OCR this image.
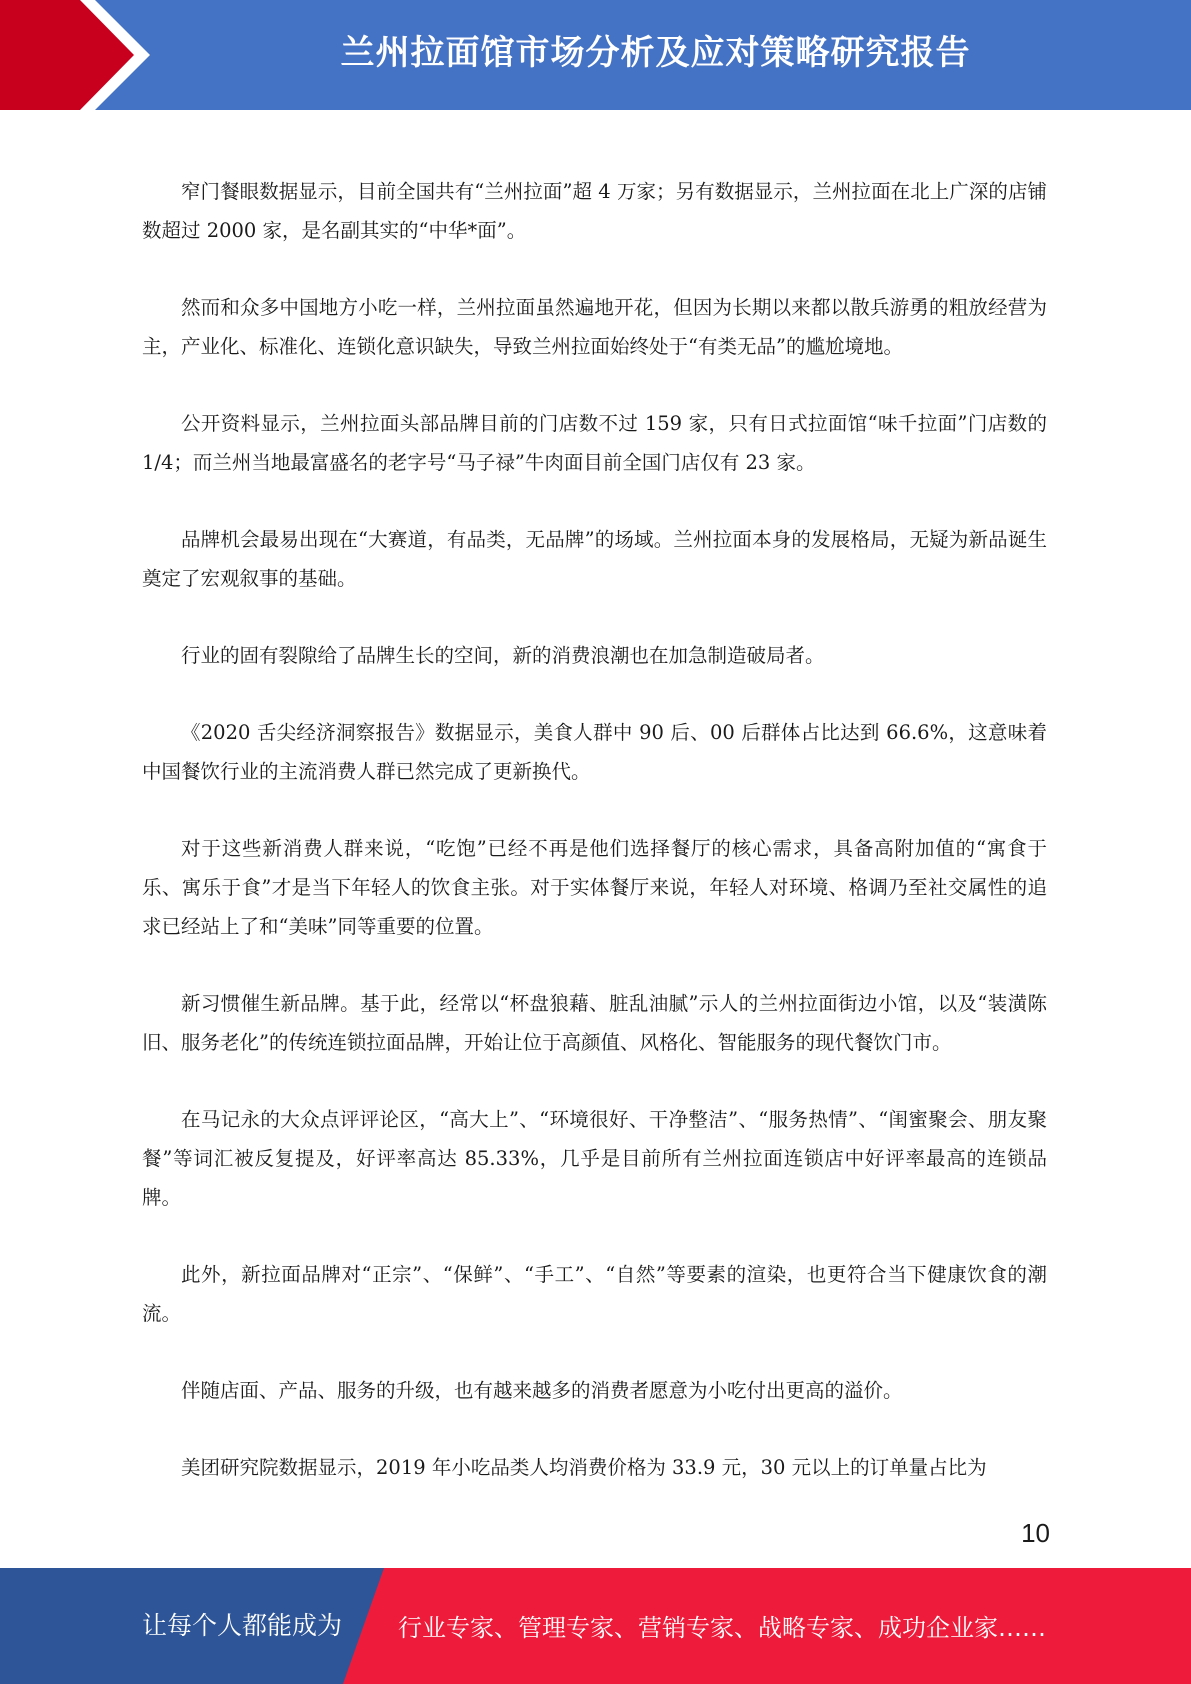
兰州拉面馆市场分析及应对策略研究报告

窄门餐眼数据显示，目前全国共有“兰州拉面”超 4 万家；另有数据显示，兰州拉面在北上广深的店铺数超过 2000 家，是名副其实的“中华*面”。

然而和众多中国地方小吃一样，兰州拉面虽然遍地开花，但因为长期以来都以散兵游勇的粗放经营为主，产业化、标准化、连锁化意识缺失，导致兰州拉面始终处于“有类无品”的尴尬境地。

公开资料显示，兰州拉面头部品牌目前的门店数不过 159 家，只有日式拉面馆“味千拉面”门店数的 1/4；而兰州当地最富盛名的老字号“马子禄”牛肉面目前全国门店仅有 23 家。

品牌机会最易出现在“大赛道，有品类，无品牌”的场域。兰州拉面本身的发展格局，无疑为新品诞生奠定了宏观叙事的基础。

行业的固有裂隙给了品牌生长的空间，新的消费浪潮也在加急制造破局者。

《2020 舌尖经济洞察报告》数据显示，美食人群中 90 后、00 后群体占比达到 66.6%，这意味着中国餐饮行业的主流消费人群已然完成了更新换代。

对于这些新消费人群来说，“吃饱”已经不再是他们选择餐厅的核心需求，具备高附加值的“寓食于乐、寓乐于食”才是当下年轻人的饮食主张。对于实体餐厅来说，年轻人对环境、格调乃至社交属性的追求已经站上了和“美味”同等重要的位置。

新习惯催生新品牌。基于此，经常以“杯盘狼藉、脏乱油腻”示人的兰州拉面街边小馆，以及“装潢陈旧、服务老化”的传统连锁拉面品牌，开始让位于高颜值、风格化、智能服务的现代餐饮门市。

在马记永的大众点评评论区，“高大上”、“环境很好、干净整洁”、“服务热情”、“闺蜜聚会、朋友聚餐”等词汇被反复提及，好评率高达 85.33%，几乎是目前所有兰州拉面连锁店中好评率最高的连锁品牌。

此外，新拉面品牌对“正宗”、“保鲜”、“手工”、“自然”等要素的渲染，也更符合当下健康饮食的潮流。

伴随店面、产品、服务的升级，也有越来越多的消费者愿意为小吃付出更高的溢价。

美团研究院数据显示，2019 年小吃品类人均消费价格为 33.9 元，30 元以上的订单量占比为

10
让每个人都能成为 行业专家、管理专家、营销专家、战略专家、成功企业家……
